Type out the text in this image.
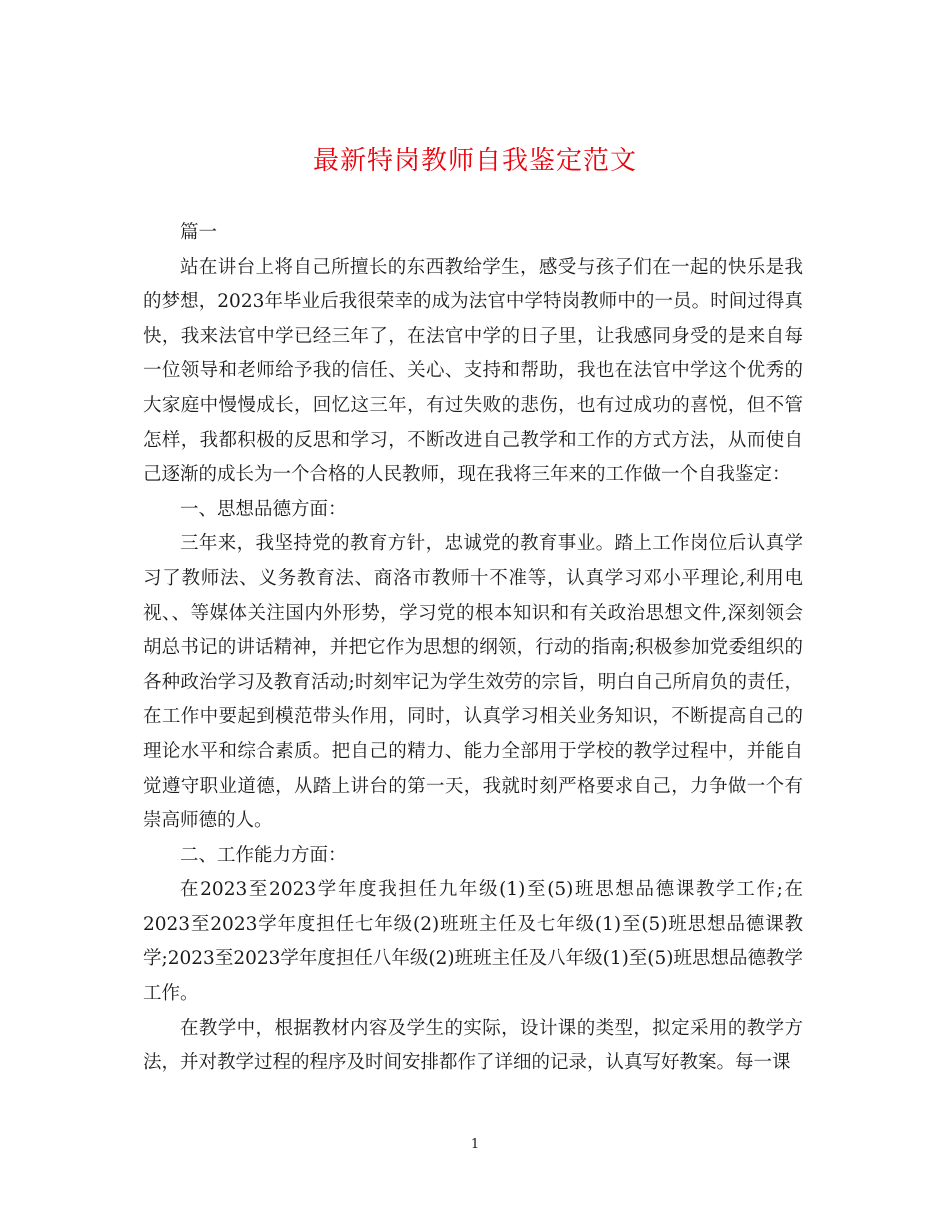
最新特岗教师自我鉴定范文

篇一

站在讲台上将自己所擅长的东西教给学生，感受与孩子们在一起的快乐是我的梦想，2023年毕业后我很荣幸的成为法官中学特岗教师中的一员。时间过得真快，我来法官中学已经三年了，在法官中学的日子里，让我感同身受的是来自每一位领导和老师给予我的信任、关心、支持和帮助，我也在法官中学这个优秀的大家庭中慢慢成长，回忆这三年，有过失败的悲伤，也有过成功的喜悦，但不管怎样，我都积极的反思和学习，不断改进自己教学和工作的方式方法，从而使自己逐渐的成长为一个合格的人民教师，现在我将三年来的工作做一个自我鉴定：

一、思想品德方面：

三年来，我坚持党的教育方针，忠诚党的教育事业。踏上工作岗位后认真学习了教师法、义务教育法、商洛市教师十不准等，认真学习邓小平理论,利用电视、、等媒体关注国内外形势，学习党的根本知识和有关政治思想文件,深刻领会胡总书记的讲话精神，并把它作为思想的纲领，行动的指南;积极参加党委组织的各种政治学习及教育活动;时刻牢记为学生效劳的宗旨，明白自己所肩负的责任，在工作中要起到模范带头作用，同时，认真学习相关业务知识，不断提高自己的理论水平和综合素质。把自己的精力、能力全部用于学校的教学过程中，并能自觉遵守职业道德，从踏上讲台的第一天，我就时刻严格要求自己，力争做一个有崇高师德的人。

二、工作能力方面：

在2023至2023学年度我担任九年级(1)至(5)班思想品德课教学工作;在2023至2023学年度担任七年级(2)班班主任及七年级(1)至(5)班思想品德课教学;2023至2023学年度担任八年级(2)班班主任及八年级(1)至(5)班思想品德教学工作。

在教学中，根据教材内容及学生的实际，设计课的类型，拟定采用的教学方法，并对教学过程的程序及时间安排都作了详细的记录，认真写好教案。每一课

1
